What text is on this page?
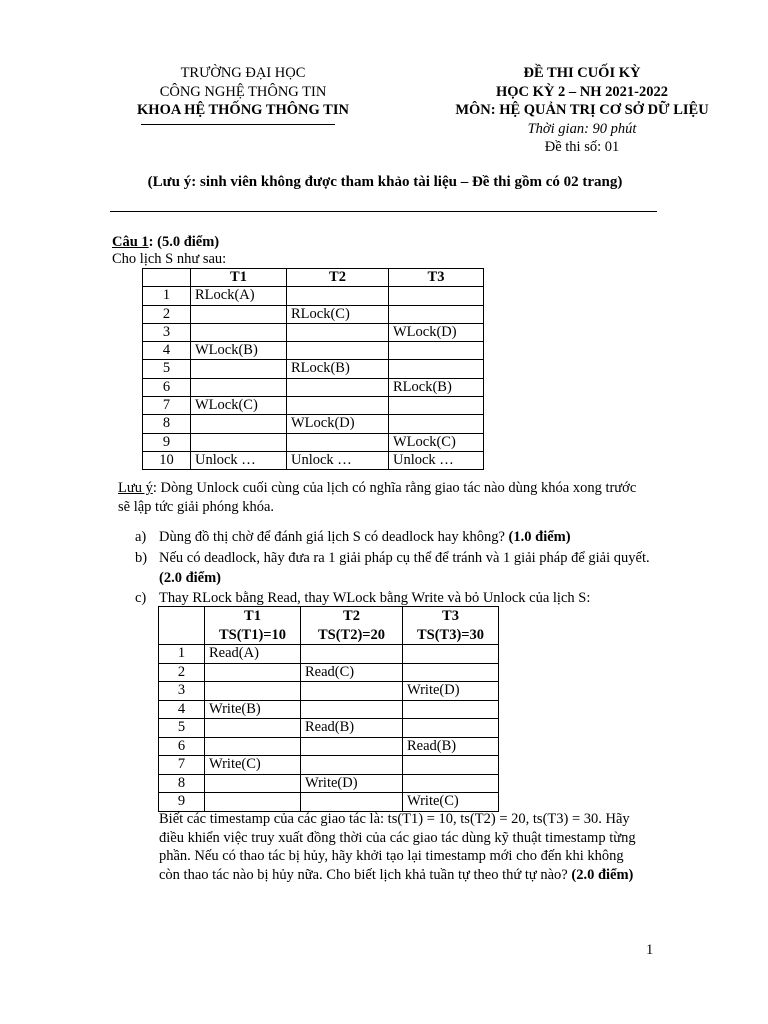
TRƯỜNG ĐẠI HỌC
CÔNG NGHỆ THÔNG TIN
KHOA HỆ THỐNG THÔNG TIN
ĐỀ THI CUỐI KỲ
HỌC KỲ 2 – NH 2021-2022
MÔN: HỆ QUẢN TRỊ CƠ SỞ DỮ LIỆU
Thời gian: 90 phút
Đề thi số: 01
(Lưu ý: sinh viên không được tham khảo tài liệu – Đề thi gồm có 02 trang)
Câu 1: (5.0 điểm)
Cho lịch S như sau:
	T1	T2	T3
1	RLock(A)		
2		RLock(C)	
3			WLock(D)
4	WLock(B)		
5		RLock(B)	
6			RLock(B)
7	WLock(C)		
8		WLock(D)	
9			WLock(C)
10	Unlock …	Unlock …	Unlock …
Lưu ý: Dòng Unlock cuối cùng của lịch có nghĩa rằng giao tác nào dùng khóa xong trước
sẽ lập tức giải phóng khóa.
a) Dùng đồ thị chờ để đánh giá lịch S có deadlock hay không? (1.0 điểm)
b) Nếu có deadlock, hãy đưa ra 1 giải pháp cụ thể để tránh và 1 giải pháp để giải quyết.
(2.0 điểm)
c) Thay RLock bằng Read, thay WLock bằng Write và bỏ Unlock của lịch S:
	T1	T2	T3
	TS(T1)=10	TS(T2)=20	TS(T3)=30
1	Read(A)		
2		Read(C)	
3			Write(D)
4	Write(B)		
5		Read(B)	
6			Read(B)
7	Write(C)		
8		Write(D)	
9			Write(C)
Biết các timestamp của các giao tác là: ts(T1) = 10, ts(T2) = 20, ts(T3) = 30. Hãy
điều khiển việc truy xuất đồng thời của các giao tác dùng kỹ thuật timestamp từng
phần. Nếu có thao tác bị hủy, hãy khởi tạo lại timestamp mới cho đến khi không
còn thao tác nào bị hủy nữa. Cho biết lịch khả tuần tự theo thứ tự nào? (2.0 điểm)
1
